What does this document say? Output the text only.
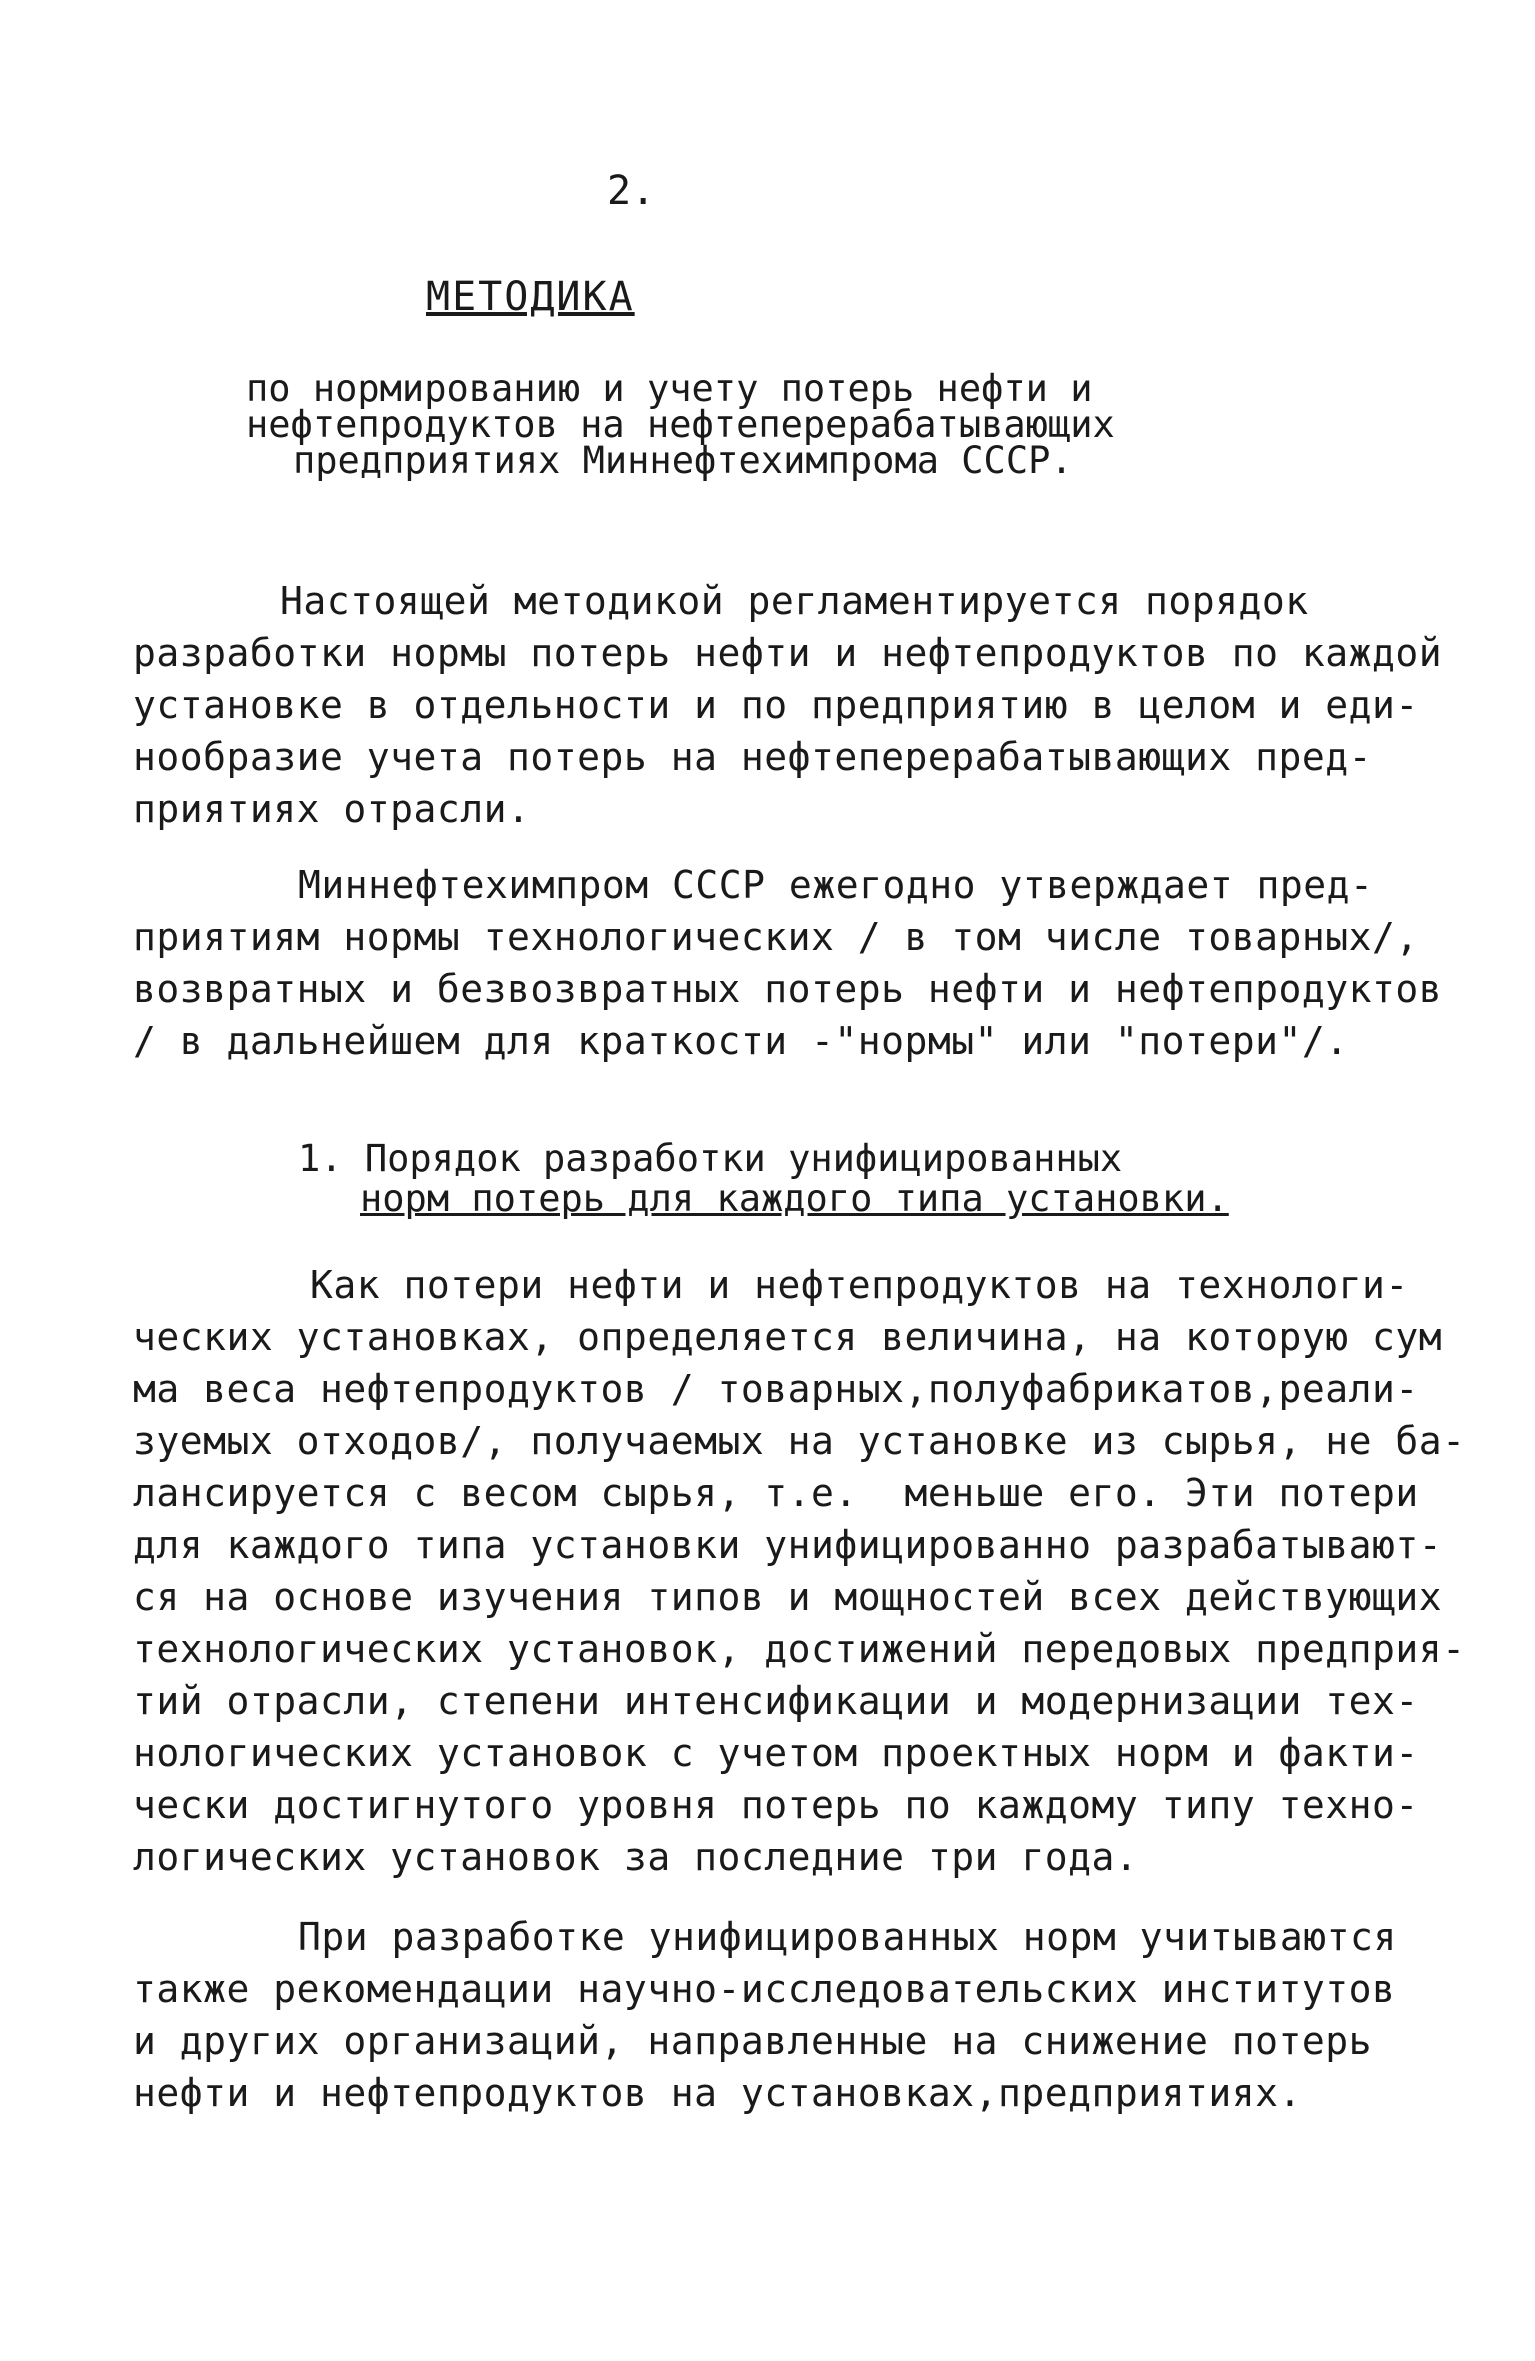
2.
МЕТОДИКА
по нормированию и учету потерь нефти и
нефтепродуктов на нефтеперерабатывающих
предприятиях Миннефтехимпрома СССР.
Настоящей методикой регламентируется порядок
разработки нормы потерь нефти и нефтепродуктов по каждой
установке в отдельности и по предприятию в целом и еди-
нообразие учета потерь на нефтеперерабатывающих пред-
приятиях отрасли.
Миннефтехимпром СССР ежегодно утверждает пред-
приятиям нормы технологических / в том числе товарных/,
возвратных и безвозвратных потерь нефти и нефтепродуктов
/ в дальнейшем для краткости -"нормы" или "потери"/.
1. Порядок разработки унифицированных
норм потерь для каждого типа установки.
Как потери нефти и нефтепродуктов на технологи-
ческих установках, определяется величина, на которую сум
ма веса нефтепродуктов / товарных,полуфабрикатов,реали-
зуемых отходов/, получаемых на установке из сырья, не ба-
лансируется с весом сырья, т.е.  меньше его. Эти потери
для каждого типа установки унифицированно разрабатывают-
ся на основе изучения типов и мощностей всех действующих
технологических установок, достижений передовых предприя-
тий отрасли, степени интенсификации и модернизации тех-
нологических установок с учетом проектных норм и факти-
чески достигнутого уровня потерь по каждому типу техно-
логических установок за последние три года.
При разработке унифицированных норм учитываются
также рекомендации научно-исследовательских институтов
и других организаций, направленные на снижение потерь
нефти и нефтепродуктов на установках,предприятиях.
